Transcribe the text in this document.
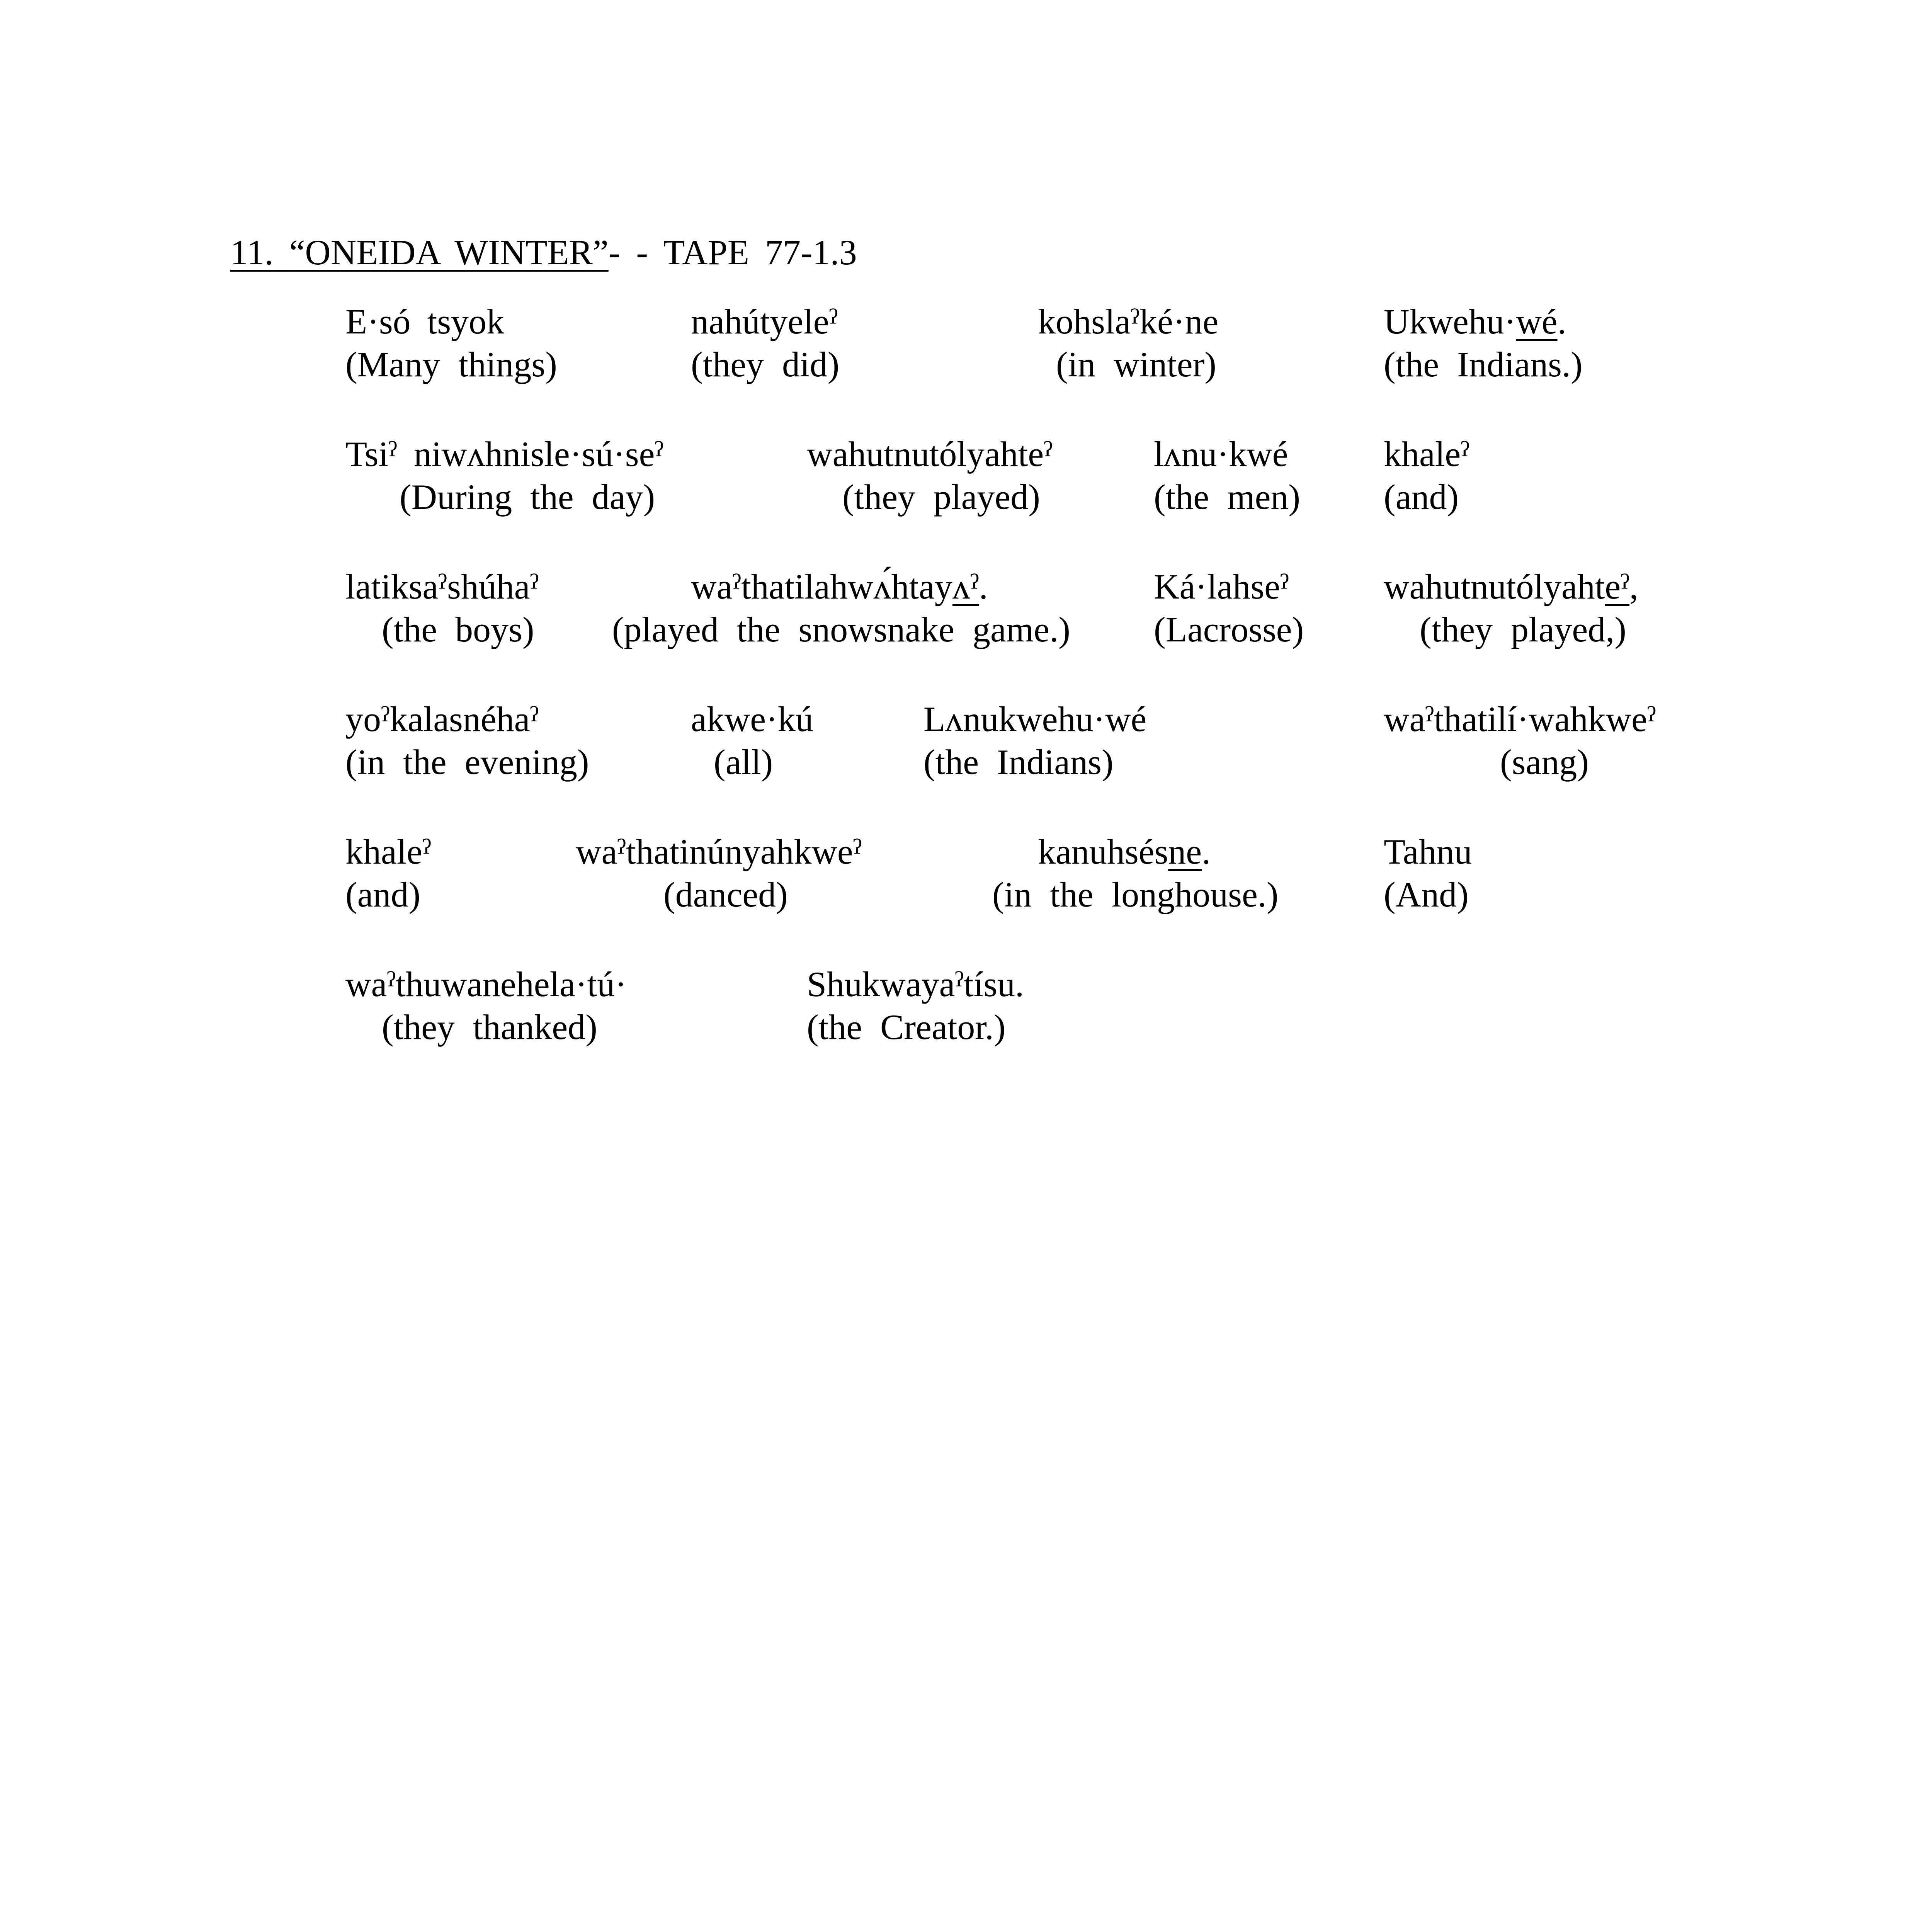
11. “ONEIDA WINTER”- - TAPE 77-1.3
E·só tsyok	nahútyeleˀ	kohslaˀké·ne	Ukwehu·wé.
(Many things)	(they did)	(in winter)	(the Indians.)
Tsiˀ niwʌhnisle·sú·seˀ	wahutnutólyahteˀ	lʌnu·kwé	khaleˀ
(During the day)	(they played)	(the men) (and)
latiksaˀshúhaˀ	waˀthatilahwʌ́htayʌˀ.	Ká·lahseˀ	wahutnutólyahteˀ,
(the boys) (played the snowsnake game.) (Lacrosse)	(they played,)
yoˀkalasnéhaˀ	akwe·kú	Lʌnukwehu·wé	waˀthatilí·wahkweˀ
(in the evening)	(all)	(the Indians)	(sang)
khaleˀ	waˀthatinúnyahkweˀ	kanuhsésne.	Tahnu
(and)	(danced)	(in the longhouse.)	(And)
waˀthuwanehela·tú·	Shukwayaˀtísu.
(they thanked)	(the Creator.)
